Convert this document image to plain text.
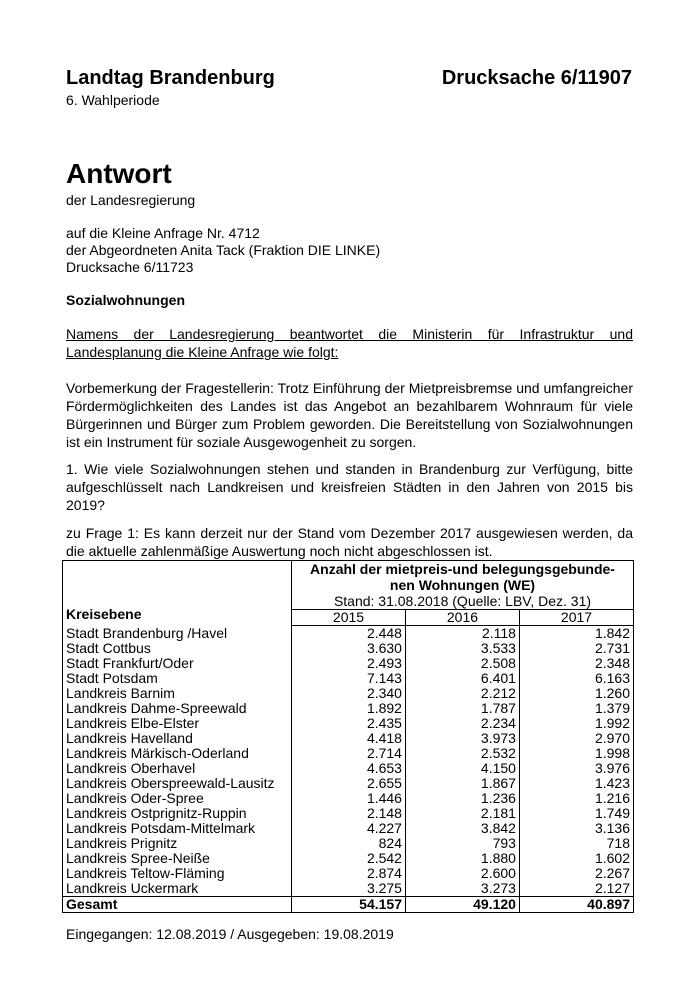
Landtag Brandenburg	Drucksache 6/11907
6. Wahlperiode
Antwort
der Landesregierung
auf die Kleine Anfrage Nr. 4712
der Abgeordneten Anita Tack (Fraktion DIE LINKE)
Drucksache 6/11723
Sozialwohnungen
Namens der Landesregierung beantwortet die Ministerin für Infrastruktur und Landesplanung die Kleine Anfrage wie folgt:
Vorbemerkung der Fragestellerin: Trotz Einführung der Mietpreisbremse und umfangreicher Fördermöglichkeiten des Landes ist das Angebot an bezahlbarem Wohnraum für viele Bürgerinnen und Bürger zum Problem geworden. Die Bereitstellung von Sozialwohnungen ist ein Instrument für soziale Ausgewogenheit zu sorgen.
1. Wie viele Sozialwohnungen stehen und standen in Brandenburg zur Verfügung, bitte aufgeschlüsselt nach Landkreisen und kreisfreien Städten in den Jahren von 2015 bis 2019?
zu Frage 1: Es kann derzeit nur der Stand vom Dezember 2017 ausgewiesen werden, da die aktuelle zahlenmäßige Auswertung noch nicht abgeschlossen ist.
Kreisebene	Anzahl der mietpreis-und belegungsgebunde-
nen Wohnungen (WE)
Stand: 31.08.2018 (Quelle: LBV, Dez. 31)		
	2015	2016	2017
Stadt Brandenburg /Havel	2.448	2.118	1.842
Stadt Cottbus	3.630	3.533	2.731
Stadt Frankfurt/Oder	2.493	2.508	2.348
Stadt Potsdam	7.143	6.401	6.163
Landkreis Barnim	2.340	2.212	1.260
Landkreis Dahme-Spreewald	1.892	1.787	1.379
Landkreis Elbe-Elster	2.435	2.234	1.992
Landkreis Havelland	4.418	3.973	2.970
Landkreis Märkisch-Oderland	2.714	2.532	1.998
Landkreis Oberhavel	4.653	4.150	3.976
Landkreis Oberspreewald-Lausitz	2.655	1.867	1.423
Landkreis Oder-Spree	1.446	1.236	1.216
Landkreis Ostprignitz-Ruppin	2.148	2.181	1.749
Landkreis Potsdam-Mittelmark	4.227	3.842	3.136
Landkreis Prignitz	824	793	718
Landkreis Spree-Neiße	2.542	1.880	1.602
Landkreis Teltow-Fläming	2.874	2.600	2.267
Landkreis Uckermark	3.275	3.273	2.127
Gesamt	54.157	49.120	40.897
Eingegangen: 12.08.2019 / Ausgegeben: 19.08.2019
